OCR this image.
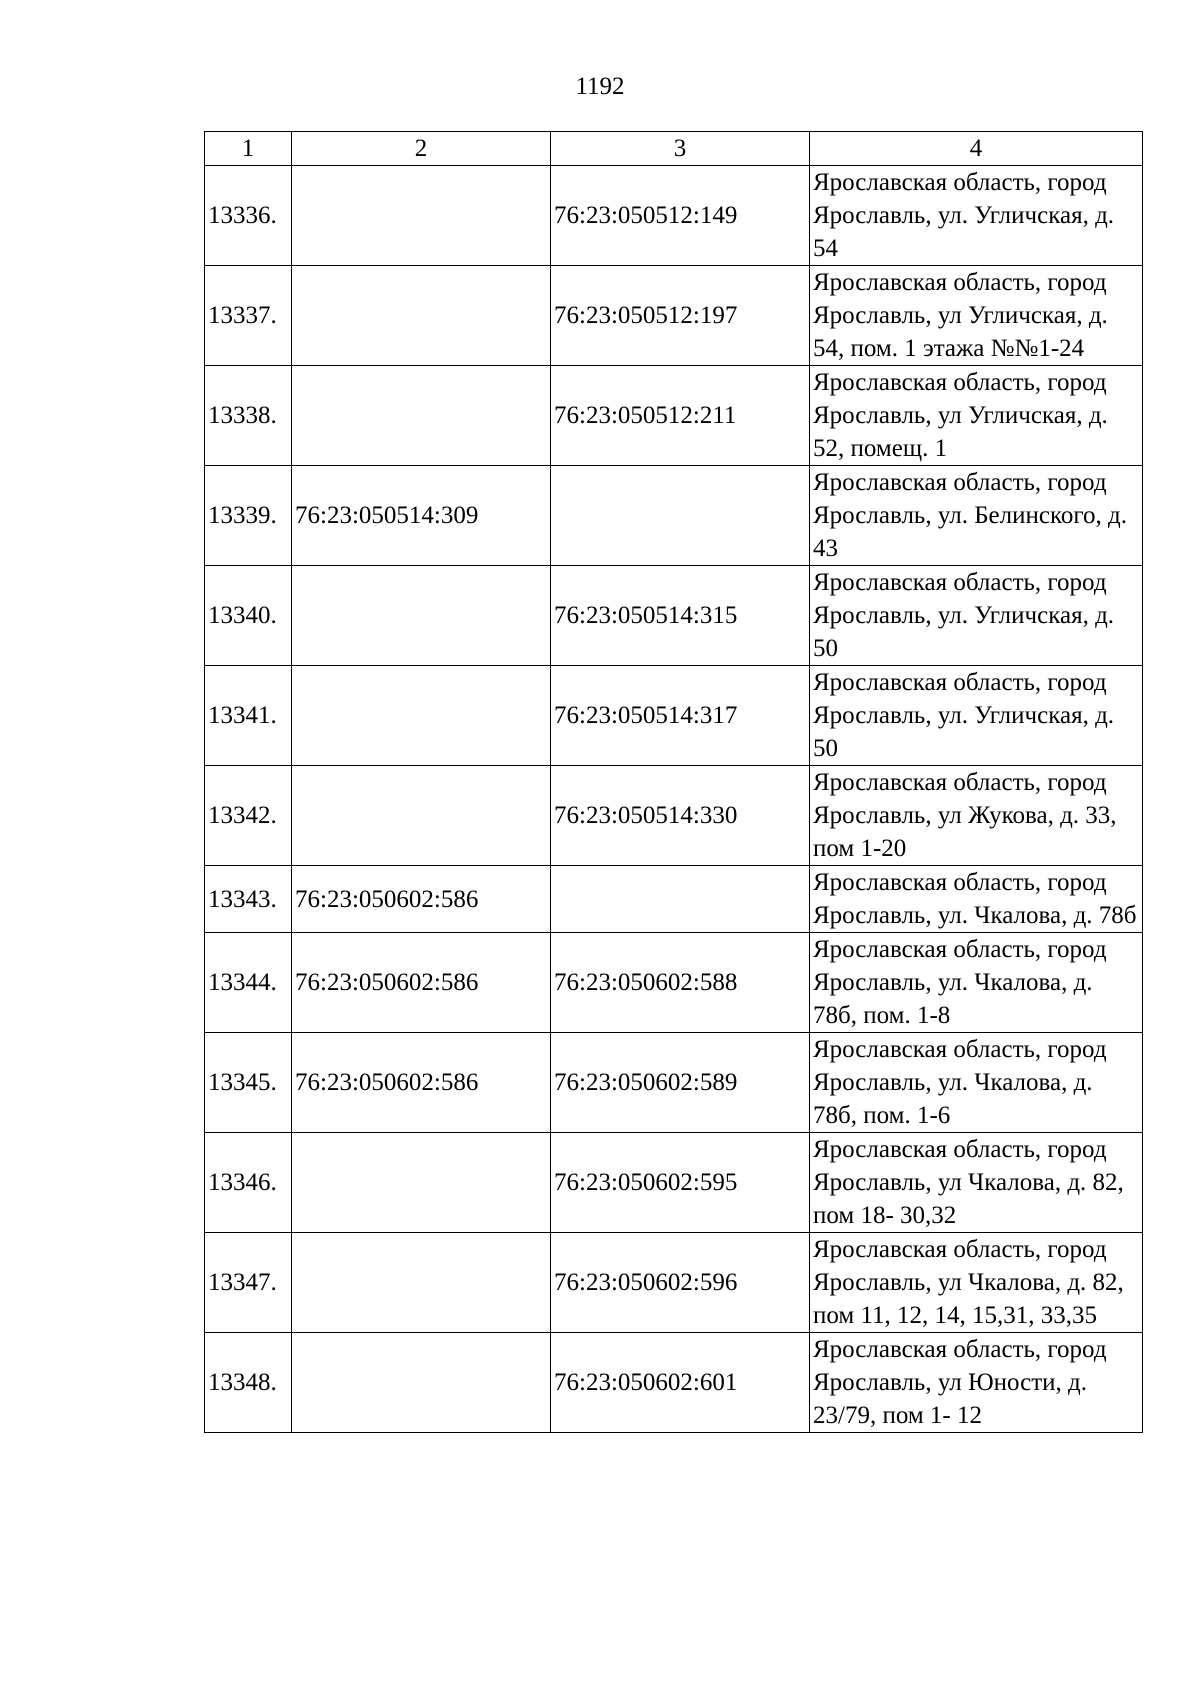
1192
1	2	3	4
13336.		76:23:050512:149	Ярославская область, город Ярославль, ул. Угличская, д. 54
13337.		76:23:050512:197	Ярославская область, город Ярославль, ул Угличская, д. 54, пом. 1 этажа №№1-24
13338.		76:23:050512:211	Ярославская область, город Ярославль, ул Угличская, д. 52, помещ. 1
13339.	76:23:050514:309		Ярославская область, город Ярославль, ул. Белинского, д. 43
13340.		76:23:050514:315	Ярославская область, город Ярославль, ул. Угличская, д. 50
13341.		76:23:050514:317	Ярославская область, город Ярославль, ул. Угличская, д. 50
13342.		76:23:050514:330	Ярославская область, город Ярославль, ул Жукова, д. 33, пом 1-20
13343.	76:23:050602:586		Ярославская область, город Ярославль, ул. Чкалова, д. 78б
13344.	76:23:050602:586	76:23:050602:588	Ярославская область, город Ярославль, ул. Чкалова, д. 78б, пом. 1-8
13345.	76:23:050602:586	76:23:050602:589	Ярославская область, город Ярославль, ул. Чкалова, д. 78б, пом. 1-6
13346.		76:23:050602:595	Ярославская область, город Ярославль, ул Чкалова, д. 82, пом 18- 30,32
13347.		76:23:050602:596	Ярославская область, город Ярославль, ул Чкалова, д. 82, пом 11, 12, 14, 15,31, 33,35
13348.		76:23:050602:601	Ярославская область, город Ярославль, ул Юности, д. 23/79, пом 1- 12
